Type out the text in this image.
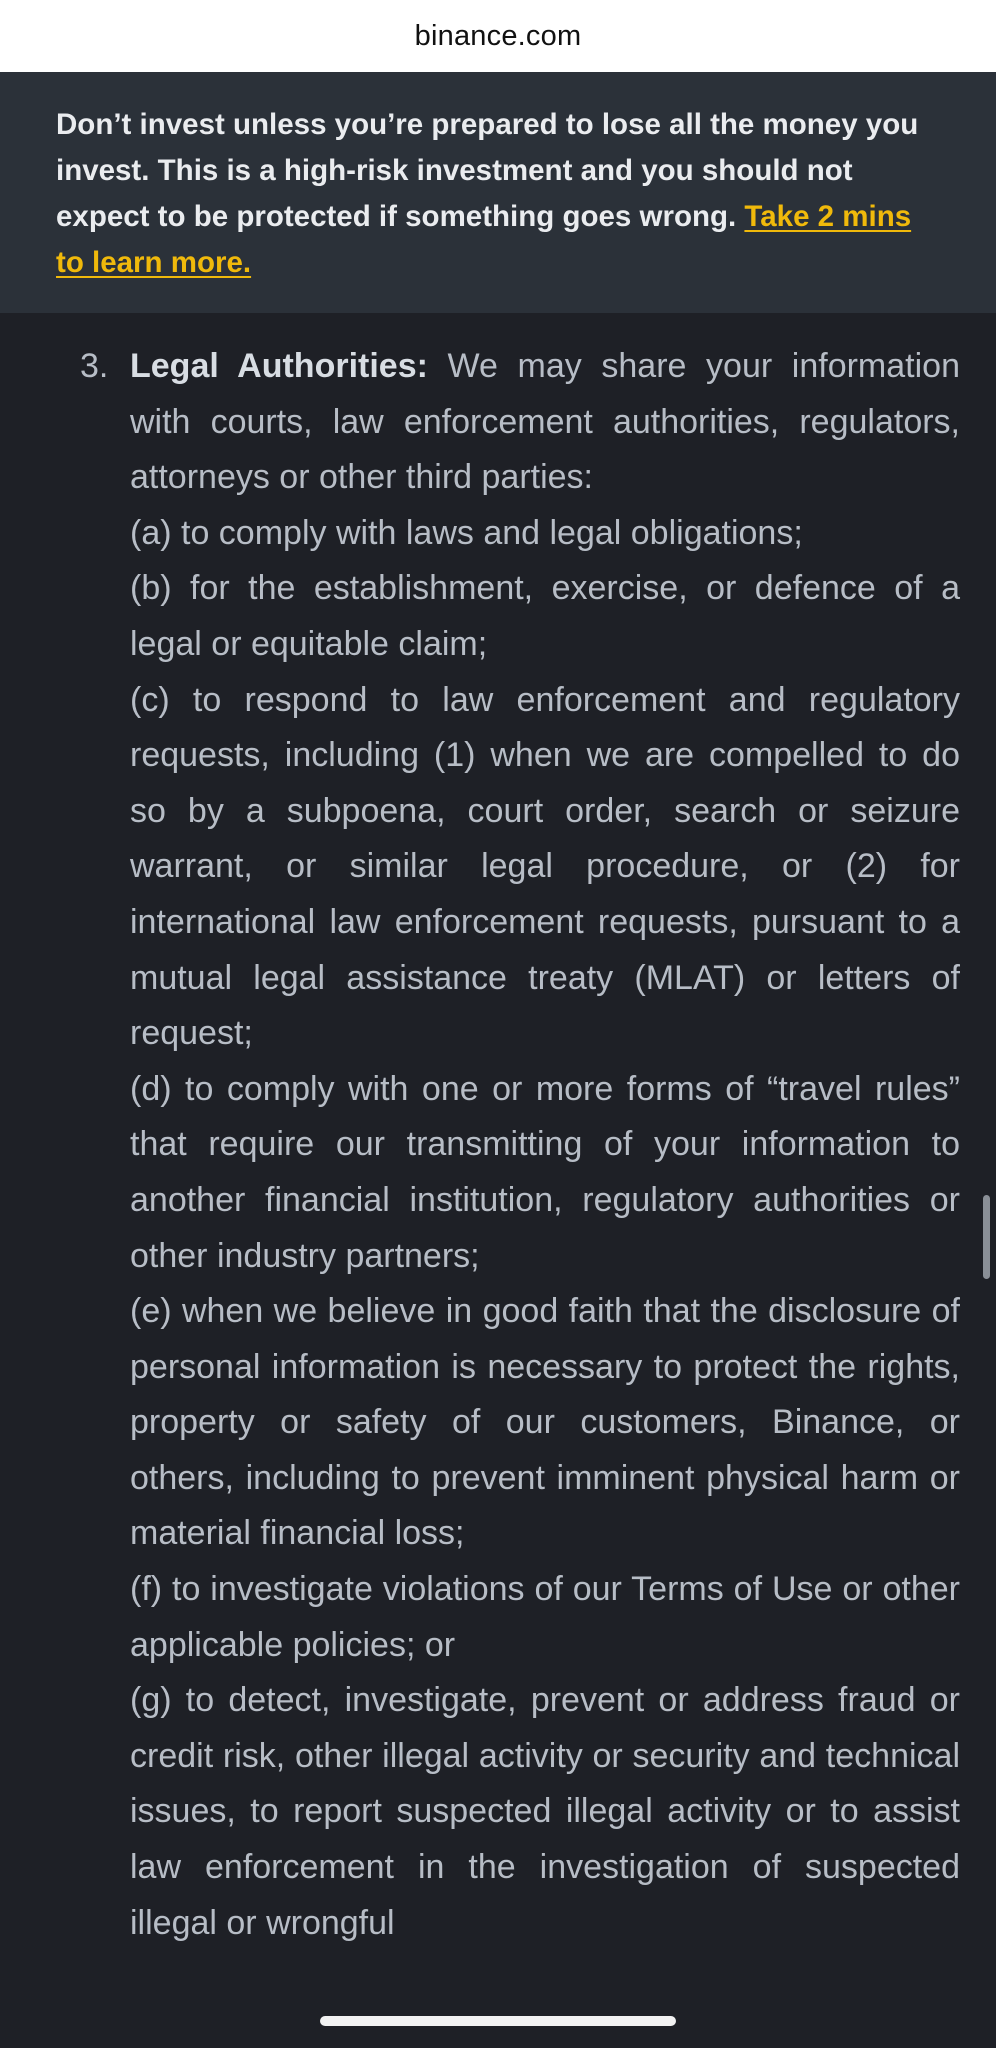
binance.com

Don’t invest unless you’re prepared to lose all the money you invest. This is a high-risk investment and you should not expect to be protected if something goes wrong. Take 2 mins to learn more.

3. Legal Authorities: We may share your information with courts, law enforcement authorities, regulators, attorneys or other third parties:

(a) to comply with laws and legal obligations;

(b) for the establishment, exercise, or defence of a legal or equitable claim;

(c) to respond to law enforcement and regulatory requests, including (1) when we are compelled to do so by a subpoena, court order, search or seizure warrant, or similar legal procedure, or (2) for international law enforcement requests, pursuant to a mutual legal assistance treaty (MLAT) or letters of request;

(d) to comply with one or more forms of “travel rules” that require our transmitting of your information to another financial institution, regulatory authorities or other industry partners;

(e) when we believe in good faith that the disclosure of personal information is necessary to protect the rights, property or safety of our customers, Binance, or others, including to prevent imminent physical harm or material financial loss;

(f) to investigate violations of our Terms of Use or other applicable policies; or

(g) to detect, investigate, prevent or address fraud or credit risk, other illegal activity or security and technical issues, to report suspected illegal activity or to assist law enforcement in the investigation of suspected illegal or wrongful
